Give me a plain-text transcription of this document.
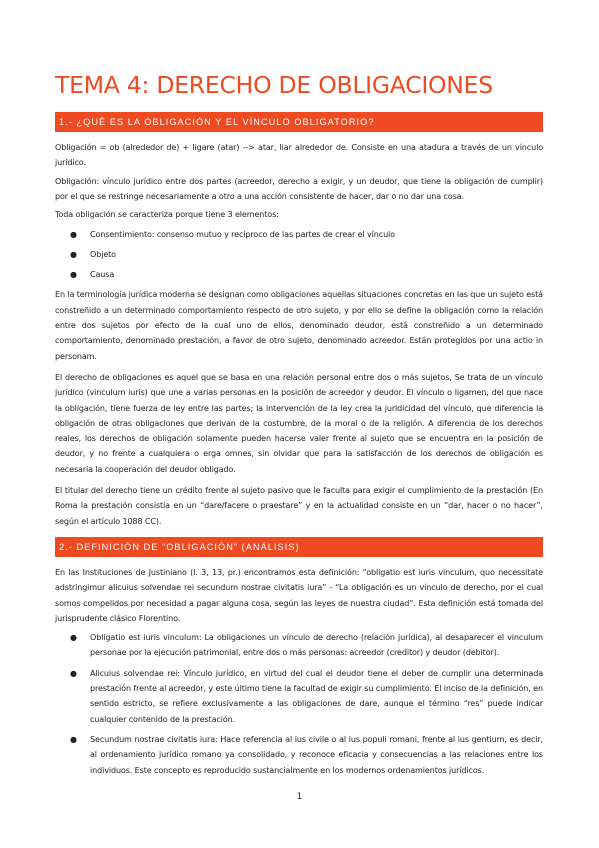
TEMA 4: DERECHO DE OBLIGACIONES
1.- ¿QUÉ ES LA OBLIGACIÓN Y EL VÍNCULO OBLIGATORIO?

Obligación = ob (alrededor de) + ligare (atar) --> atar, liar alrededor de. Consiste en una atadura a través de un vínculo jurídico.

Obligación: vínculo jurídico entre dos partes (acreedor, derecho a exigir, y un deudor, que tiene la obligación de cumplir) por el que se restringe necesariamente a otro a una acción consistente de hacer, dar o no dar una cosa.

Toda obligación se caracteriza porque tiene 3 elementos:

● Consentimiento: consenso mutuo y recíproco de las partes de crear el vínculo
● Objeto
● Causa

En la terminología jurídica moderna se designan como obligaciones aquellas situaciones concretas en las que un sujeto está constreñido a un determinado comportamiento respecto de otro sujeto, y por ello se define la obligación como la relación entre dos sujetos por efecto de la cual uno de ellos, denominado deudor, está constreñido a un determinado comportamiento, denominado prestación, a favor de otro sujeto, denominado acreedor. Están protegidos por una actio in personam.

El derecho de obligaciones es aquel que se basa en una relación personal entre dos o más sujetos, Se trata de un vínculo jurídico (vinculum iuris) que une a varias personas en la posición de acreedor y deudor. El vínculo o ligamen, del que nace la obligación, tiene fuerza de ley entre las partes; la intervención de la ley crea la juridicidad del vínculo, que diferencia la obligación de otras obligaciones que derivan de la costumbre, de la moral o de la religión. A diferencia de los derechos reales, los derechos de obligación solamente pueden hacerse valer frente al sujeto que se encuentra en la posición de deudor, y no frente a cualquiera o erga omnes, sin olvidar que para la satisfacción de los derechos de obligación es necesaria la cooperación del deudor obligado.

El titular del derecho tiene un crédito frente al sujeto pasivo que le faculta para exigir el cumplimiento de la prestación (En Roma la prestación consistía en un “dare/facere o praestare” y en la actualidad consiste en un “dar, hacer o no hacer”, según el artículo 1088 CC).

2.- DEFINICIÓN DE “OBLIGACIÓN” (ANÁLISIS)

En las Instituciones de Justiniano (I. 3, 13, pr.) encontramos esta definición: “obligatio est iuris vinculum, quo necessitate adstringimur alicuius solvendae rei secundum nostrae civitatis iura” - “La obligación es un vínculo de derecho, por el cual somos compelidos por necesidad a pagar alguna cosa, según las leyes de nuestra ciudad”. Esta definición está tomada del jurisprudente clásico Florentino.

● Obligatio est iuris vinculum: La obligaciones un vínculo de derecho (relación jurídica), al desaparecer el vinculum personae por la ejecución patrimonial, entre dos o más personas: acreedor (creditor) y deudor (debitor).
● Alicuius solvendae rei: Vínculo jurídico, en virtud del cual el deudor tiene el deber de cumplir una determinada prestación frente al acreedor, y este último tiene la facultad de exigir su cumplimiento. El inciso de la definición, en sentido estricto, se refiere exclusivamente a las obligaciones de dare, aunque el término “res” puede indicar cualquier contenido de la prestación.
● Secundum nostrae civitatis iura: Hace referencia al ius civile o al ius populi romani, frente al ius gentium, es decir, al ordenamiento jurídico romano ya consolidado, y reconoce eficacia y consecuencias a las relaciones entre los individuos. Este concepto es reproducido sustancialmente en los modernos ordenamientos jurídicos.
1
